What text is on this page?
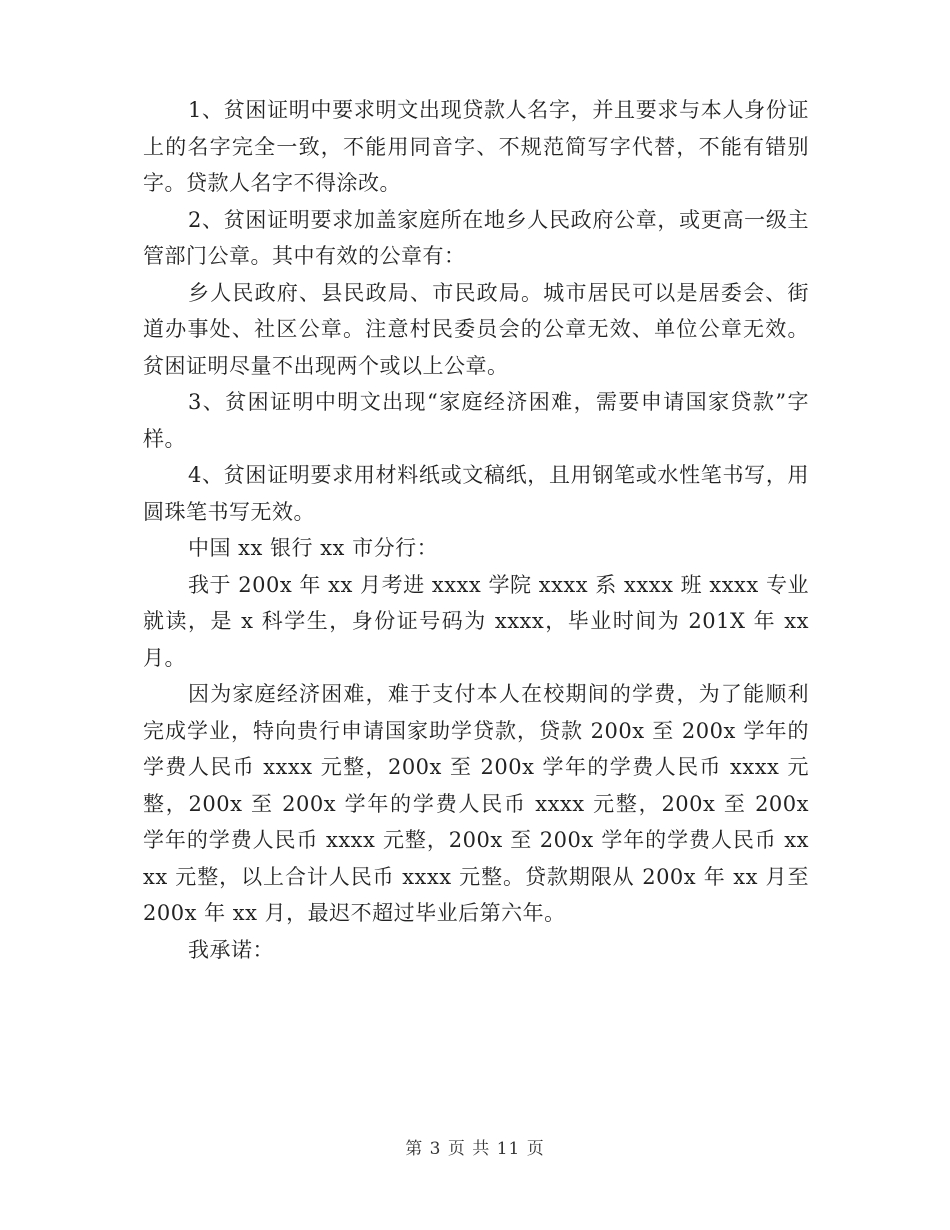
1、贫困证明中要求明文出现贷款人名字，并且要求与本人身份证上的名字完全一致，不能用同音字、不规范简写字代替，不能有错别字。贷款人名字不得涂改。

2、贫困证明要求加盖家庭所在地乡人民政府公章，或更高一级主管部门公章。其中有效的公章有：

乡人民政府、县民政局、市民政局。城市居民可以是居委会、街道办事处、社区公章。注意村民委员会的公章无效、单位公章无效。贫困证明尽量不出现两个或以上公章。

3、贫困证明中明文出现“家庭经济困难，需要申请国家贷款”字样。

4、贫困证明要求用材料纸或文稿纸，且用钢笔或水性笔书写，用圆珠笔书写无效。

中国 xx 银行 xx 市分行：

我于 200x 年 xx 月考进 xxxx 学院 xxxx 系 xxxx 班 xxxx 专业就读，是 x 科学生，身份证号码为 xxxx，毕业时间为 201X 年 xx 月。

因为家庭经济困难，难于支付本人在校期间的学费，为了能顺利完成学业，特向贵行申请国家助学贷款，贷款 200x 至 200x 学年的学费人民币 xxxx 元整，200x 至 200x 学年的学费人民币 xxxx 元整，200x 至 200x 学年的学费人民币 xxxx 元整，200x 至 200x 学年的学费人民币 xxxx 元整，200x 至 200x 学年的学费人民币 xxxx 元整，以上合计人民币 xxxx 元整。贷款期限从 200x 年 xx 月至 200x 年 xx 月，最迟不超过毕业后第六年。

我承诺：

第 3 页 共 11 页
